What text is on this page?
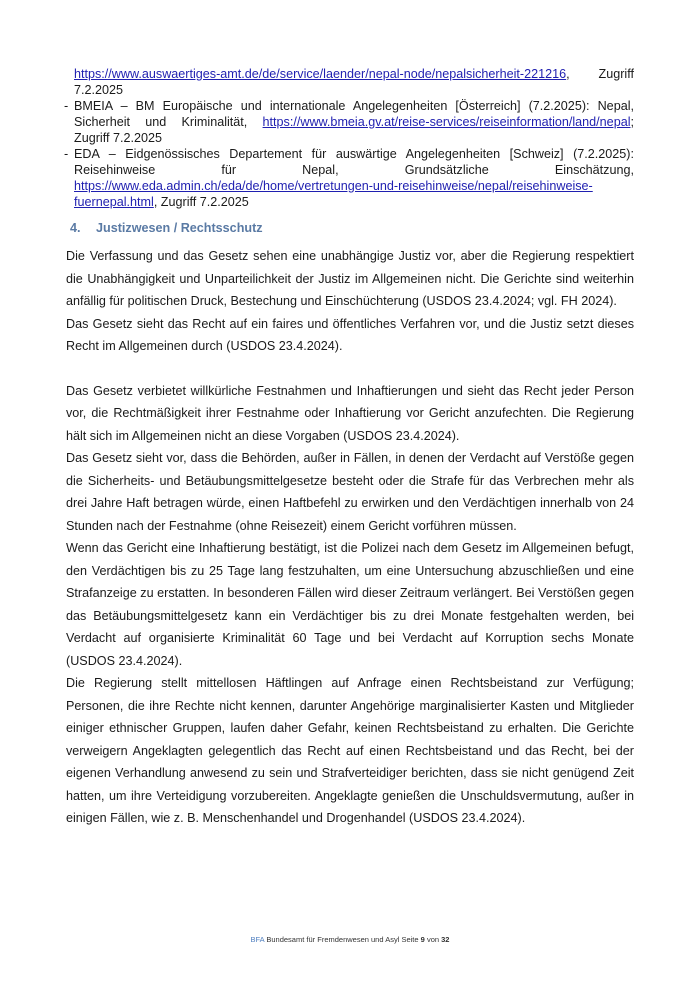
https://www.auswaertiges-amt.de/de/service/laender/nepal-node/nepalsicherheit-221216, Zugriff 7.2.2025
- BMEIA – BM Europäische und internationale Angelegenheiten [Österreich] (7.2.2025): Nepal, Sicherheit und Kriminalität, https://www.bmeia.gv.at/reise-services/reiseinformation/land/nepal; Zugriff 7.2.2025
- EDA – Eidgenössisches Departement für auswärtige Angelegenheiten [Schweiz] (7.2.2025): Reisehinweise für Nepal, Grundsätzliche Einschätzung, https://www.eda.admin.ch/eda/de/home/vertretungen-und-reisehinweise/nepal/reisehinweise-fuernepal.html, Zugriff 7.2.2025
4. Justizwesen / Rechtsschutz

Die Verfassung und das Gesetz sehen eine unabhängige Justiz vor, aber die Regierung respektiert die Unabhängigkeit und Unparteilichkeit der Justiz im Allgemeinen nicht. Die Gerichte sind weiterhin anfällig für politischen Druck, Bestechung und Einschüchterung (USDOS 23.4.2024; vgl. FH 2024).

Das Gesetz sieht das Recht auf ein faires und öffentliches Verfahren vor, und die Justiz setzt dieses Recht im Allgemeinen durch (USDOS 23.4.2024).

Das Gesetz verbietet willkürliche Festnahmen und Inhaftierungen und sieht das Recht jeder Person vor, die Rechtmäßigkeit ihrer Festnahme oder Inhaftierung vor Gericht anzufechten. Die Regierung hält sich im Allgemeinen nicht an diese Vorgaben (USDOS 23.4.2024).

Das Gesetz sieht vor, dass die Behörden, außer in Fällen, in denen der Verdacht auf Verstöße gegen die Sicherheits- und Betäubungsmittelgesetze besteht oder die Strafe für das Verbrechen mehr als drei Jahre Haft betragen würde, einen Haftbefehl zu erwirken und den Verdächtigen innerhalb von 24 Stunden nach der Festnahme (ohne Reisezeit) einem Gericht vorführen müssen.

Wenn das Gericht eine Inhaftierung bestätigt, ist die Polizei nach dem Gesetz im Allgemeinen befugt, den Verdächtigen bis zu 25 Tage lang festzuhalten, um eine Untersuchung abzuschließen und eine Strafanzeige zu erstatten. In besonderen Fällen wird dieser Zeitraum verlängert. Bei Verstößen gegen das Betäubungsmittelgesetz kann ein Verdächtiger bis zu drei Monate festgehalten werden, bei Verdacht auf organisierte Kriminalität 60 Tage und bei Verdacht auf Korruption sechs Monate (USDOS 23.4.2024).

Die Regierung stellt mittellosen Häftlingen auf Anfrage einen Rechtsbeistand zur Verfügung; Personen, die ihre Rechte nicht kennen, darunter Angehörige marginalisierter Kasten und Mitglieder einiger ethnischer Gruppen, laufen daher Gefahr, keinen Rechtsbeistand zu erhalten. Die Gerichte verweigern Angeklagten gelegentlich das Recht auf einen Rechtsbeistand und das Recht, bei der eigenen Verhandlung anwesend zu sein und Strafverteidiger berichten, dass sie nicht genügend Zeit hatten, um ihre Verteidigung vorzubereiten. Angeklagte genießen die Unschuldsvermutung, außer in einigen Fällen, wie z. B. Menschenhandel und Drogenhandel (USDOS 23.4.2024).

BFA Bundesamt für Fremdenwesen und Asyl Seite 9 von 32
